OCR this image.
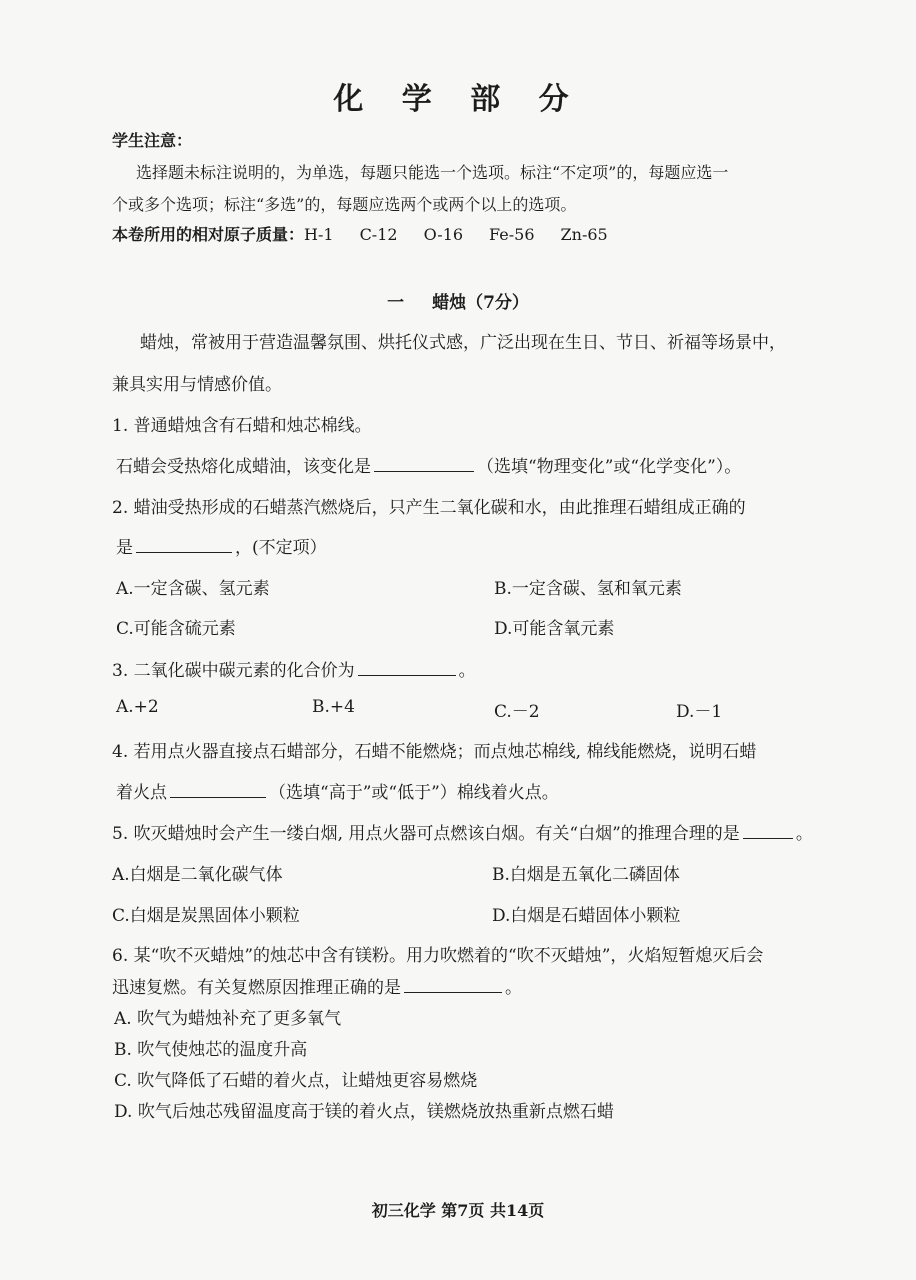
化 学 部 分
学生注意：
选择题未标注说明的，为单选，每题只能选一个选项。标注“不定项”的，每题应选一
个或多个选项；标注“多选”的，每题应选两个或两个以上的选项。
本卷所用的相对原子质量：H-1 C-12 O-16 Fe-56 Zn-65
一 蜡烛（7分）
蜡烛，常被用于营造温馨氛围、烘托仪式感，广泛出现在生日、节日、祈福等场景中，
兼具实用与情感价值。
1. 普通蜡烛含有石蜡和烛芯棉线。
石蜡会受热熔化成蜡油，该变化是	（选填“物理变化”或“化学变化”）。
2. 蜡油受热形成的石蜡蒸汽燃烧后，只产生二氧化碳和水，由此推理石蜡组成正确的
是	，(不定项）
A.一定含碳、氢元素	B.一定含碳、氢和氧元素
C.可能含硫元素	D.可能含氧元素
3. 二氧化碳中碳元素的化合价为	。
A.+2	B.+4	C.－2	D.－1
4. 若用点火器直接点石蜡部分，石蜡不能燃烧；而点烛芯棉线, 棉线能燃烧，说明石蜡
着火点	（选填“高于”或“低于”）棉线着火点。
5. 吹灭蜡烛时会产生一缕白烟, 用点火器可点燃该白烟。有关“白烟”的推理合理的是	。
A.白烟是二氧化碳气体	B.白烟是五氧化二磷固体
C.白烟是炭黑固体小颗粒	D.白烟是石蜡固体小颗粒
6. 某“吹不灭蜡烛”的烛芯中含有镁粉。用力吹燃着的“吹不灭蜡烛”，火焰短暂熄灭后会
迅速复燃。有关复燃原因推理正确的是	。
A. 吹气为蜡烛补充了更多氧气
B. 吹气使烛芯的温度升高
C. 吹气降低了石蜡的着火点，让蜡烛更容易燃烧
D. 吹气后烛芯残留温度高于镁的着火点，镁燃烧放热重新点燃石蜡
初三化学 第7页 共14页
